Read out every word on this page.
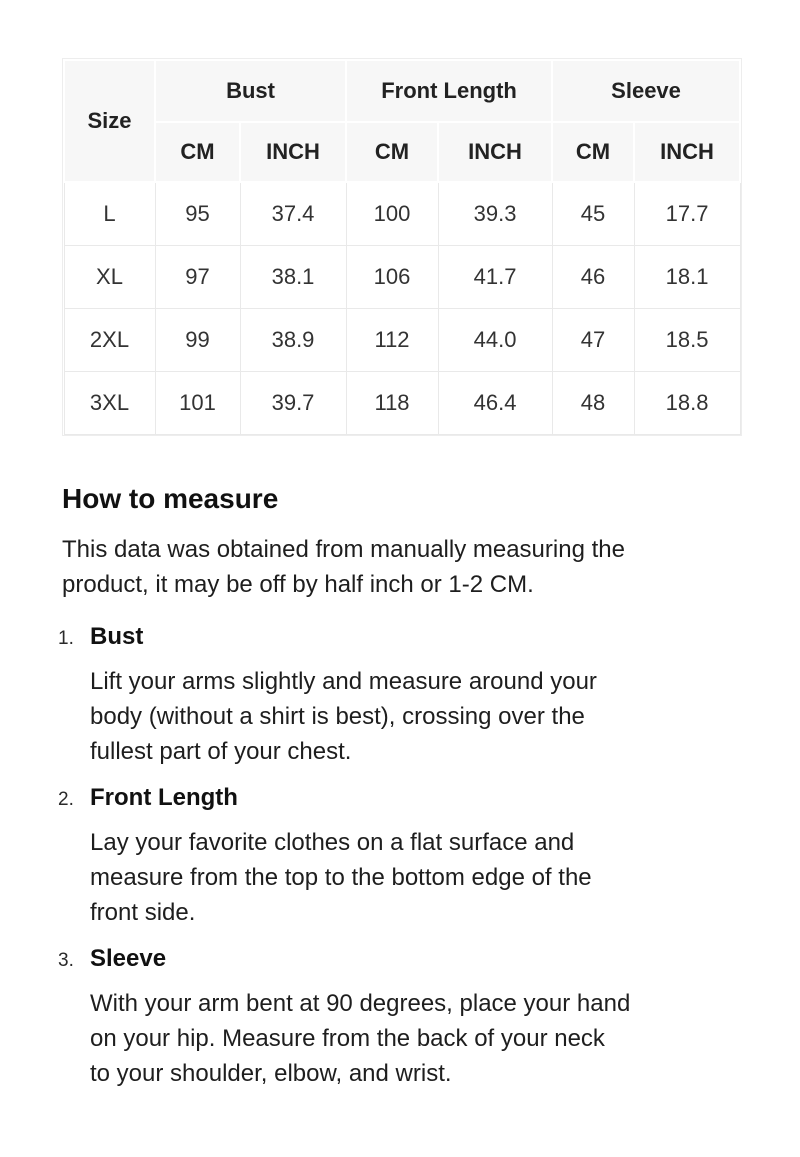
Size	Bust		Front Length		Sleeve	
	CM	INCH	CM	INCH	CM	INCH
L	95	37.4	100	39.3	45	17.7
XL	97	38.1	106	41.7	46	18.1
2XL	99	38.9	112	44.0	47	18.5
3XL	101	39.7	118	46.4	48	18.8
How to measure

This data was obtained from manually measuring the
product, it may be off by half inch or 1-2 CM.

1. Bust

Lift your arms slightly and measure around your
body (without a shirt is best), crossing over the
fullest part of your chest.

2. Front Length

Lay your favorite clothes on a flat surface and
measure from the top to the bottom edge of the
front side.

3. Sleeve

With your arm bent at 90 degrees, place your hand
on your hip. Measure from the back of your neck
to your shoulder, elbow, and wrist.
